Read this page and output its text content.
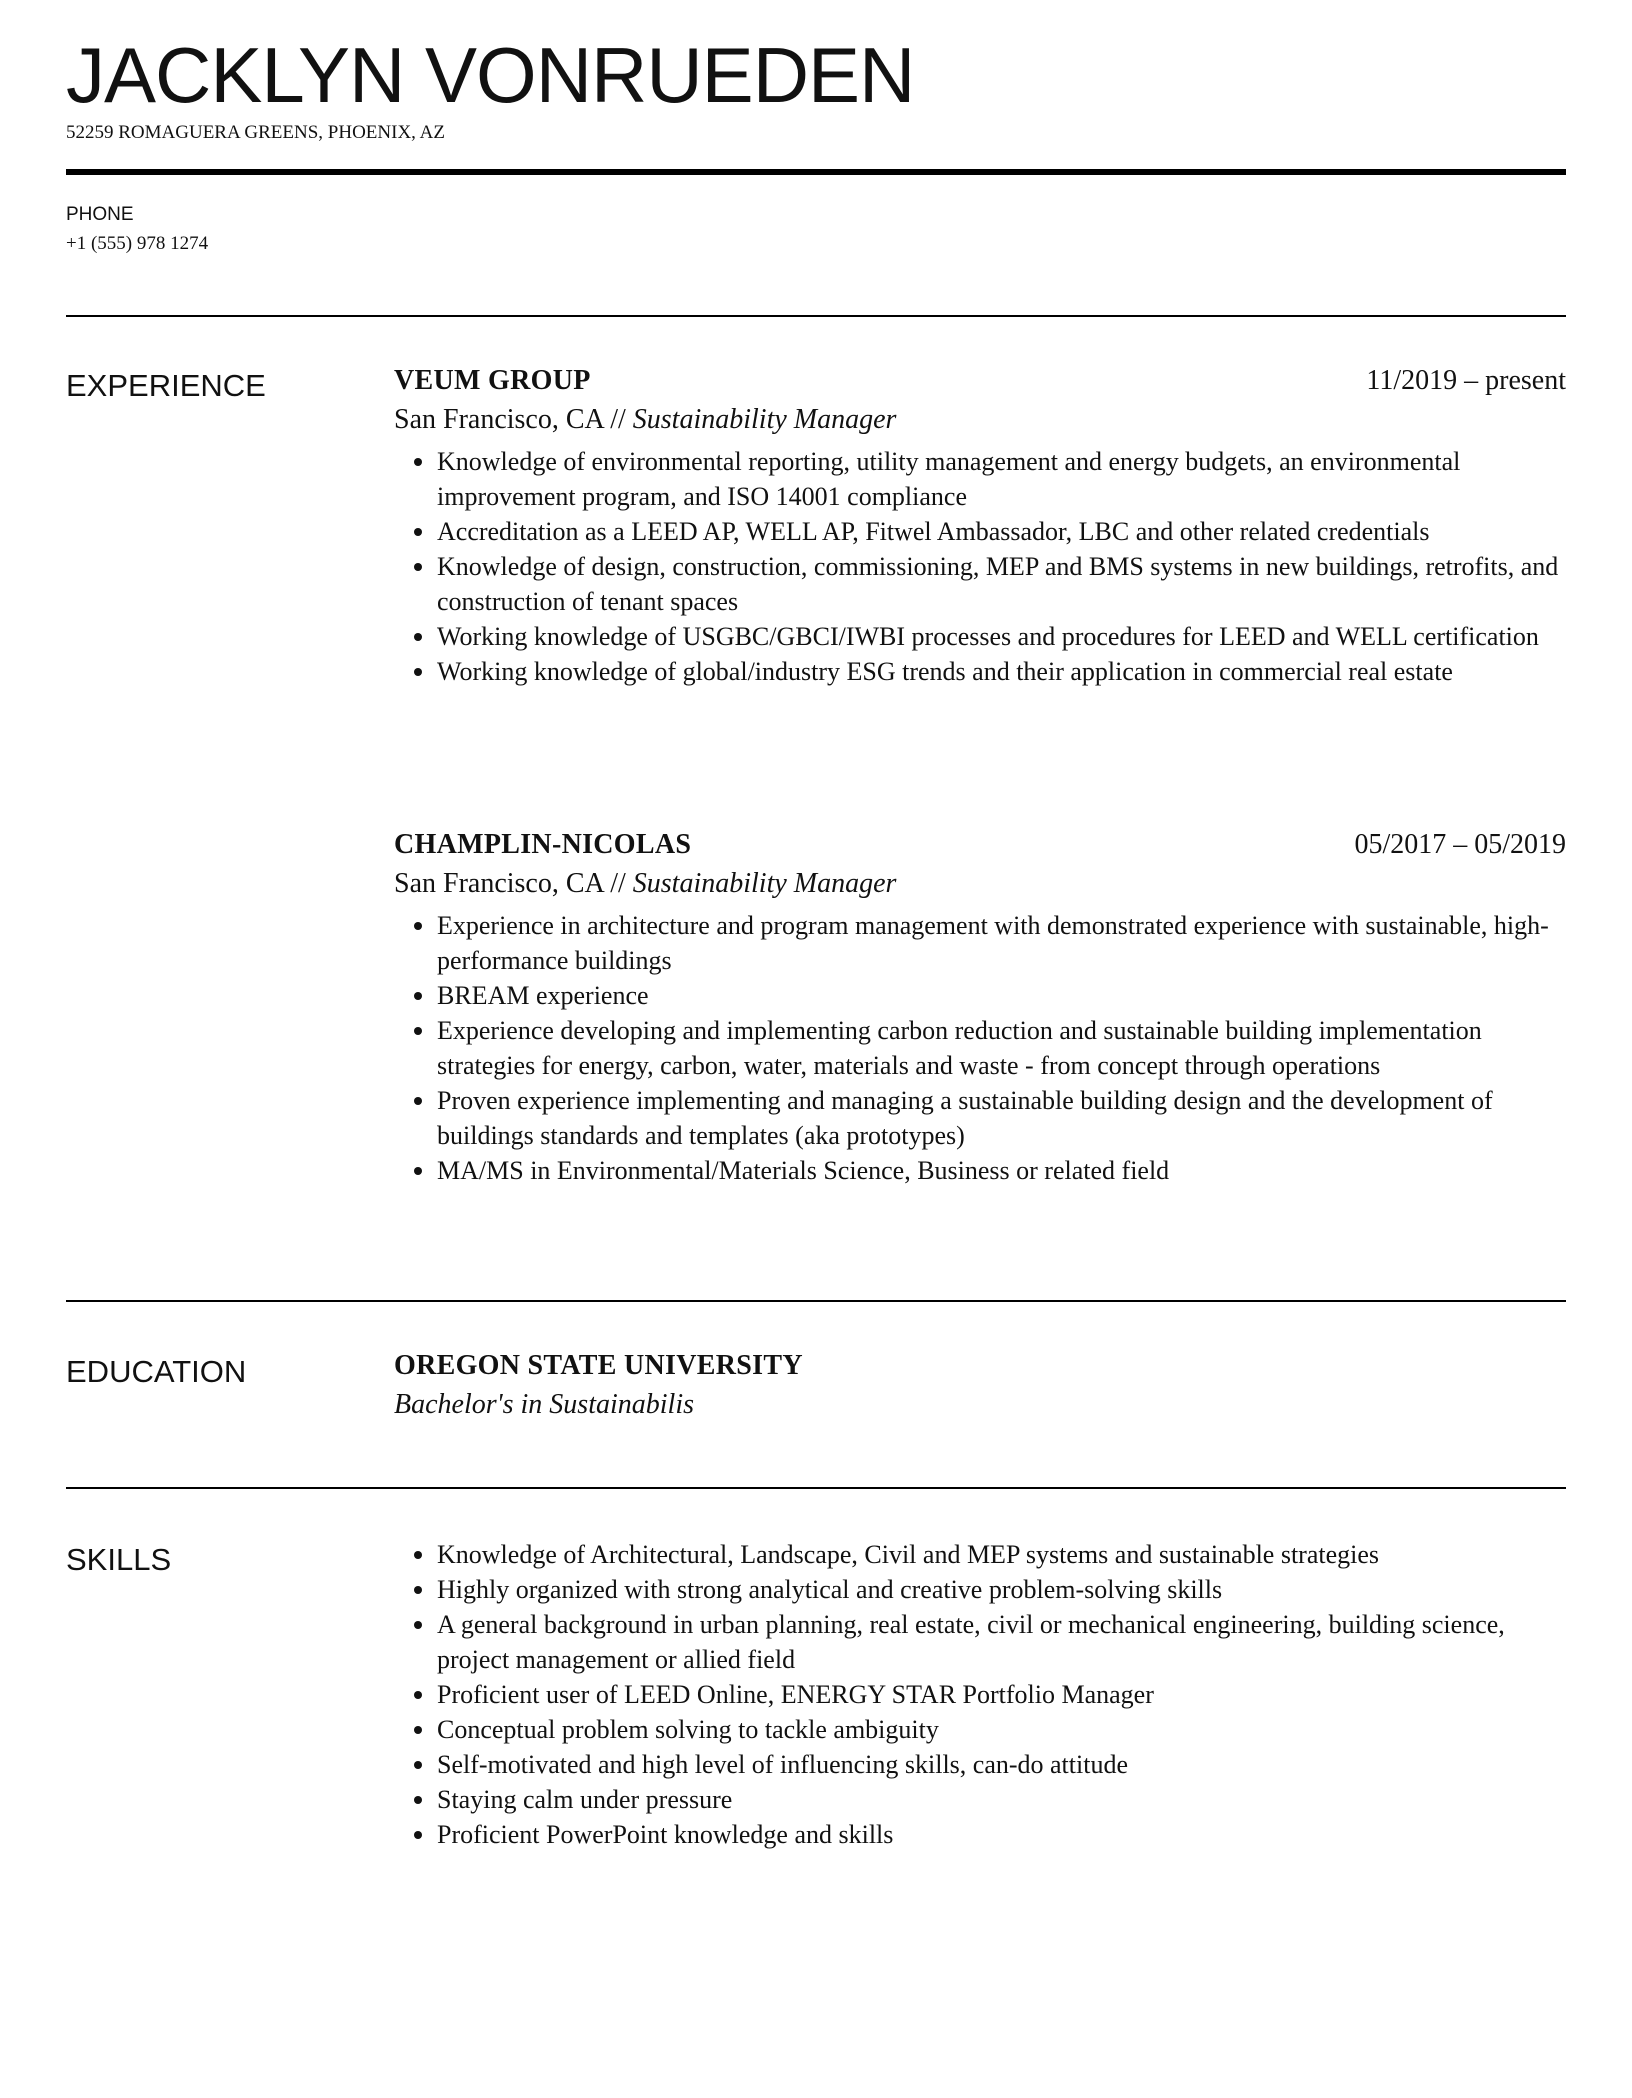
JACKLYN VONRUEDEN
52259 ROMAGUERA GREENS, PHOENIX, AZ
PHONE
+1 (555) 978 1274
EXPERIENCE	VEUM GROUP	11/2019 – present
San Francisco, CA // Sustainability Manager
Knowledge of environmental reporting, utility management and energy budgets, an environmental improvement program, and ISO 14001 compliance
Accreditation as a LEED AP, WELL AP, Fitwel Ambassador, LBC and other related credentials
Knowledge of design, construction, commissioning, MEP and BMS systems in new buildings, retrofits, and construction of tenant spaces
Working knowledge of USGBC/GBCI/IWBI processes and procedures for LEED and WELL certification
Working knowledge of global/industry ESG trends and their application in commercial real estate
CHAMPLIN-NICOLAS	05/2017 – 05/2019
San Francisco, CA // Sustainability Manager
Experience in architecture and program management with demonstrated experience with sustainable, high-performance buildings
BREAM experience
Experience developing and implementing carbon reduction and sustainable building implementation strategies for energy, carbon, water, materials and waste - from concept through operations
Proven experience implementing and managing a sustainable building design and the development of buildings standards and templates (aka prototypes)
MA/MS in Environmental/Materials Science, Business or related field
EDUCATION	OREGON STATE UNIVERSITY
Bachelor's in Sustainabilis
SKILLS	Knowledge of Architectural, Landscape, Civil and MEP systems and sustainable strategies
Highly organized with strong analytical and creative problem-solving skills
A general background in urban planning, real estate, civil or mechanical engineering, building science, project management or allied field
Proficient user of LEED Online, ENERGY STAR Portfolio Manager
Conceptual problem solving to tackle ambiguity
Self-motivated and high level of influencing skills, can-do attitude
Staying calm under pressure
Proficient PowerPoint knowledge and skills
